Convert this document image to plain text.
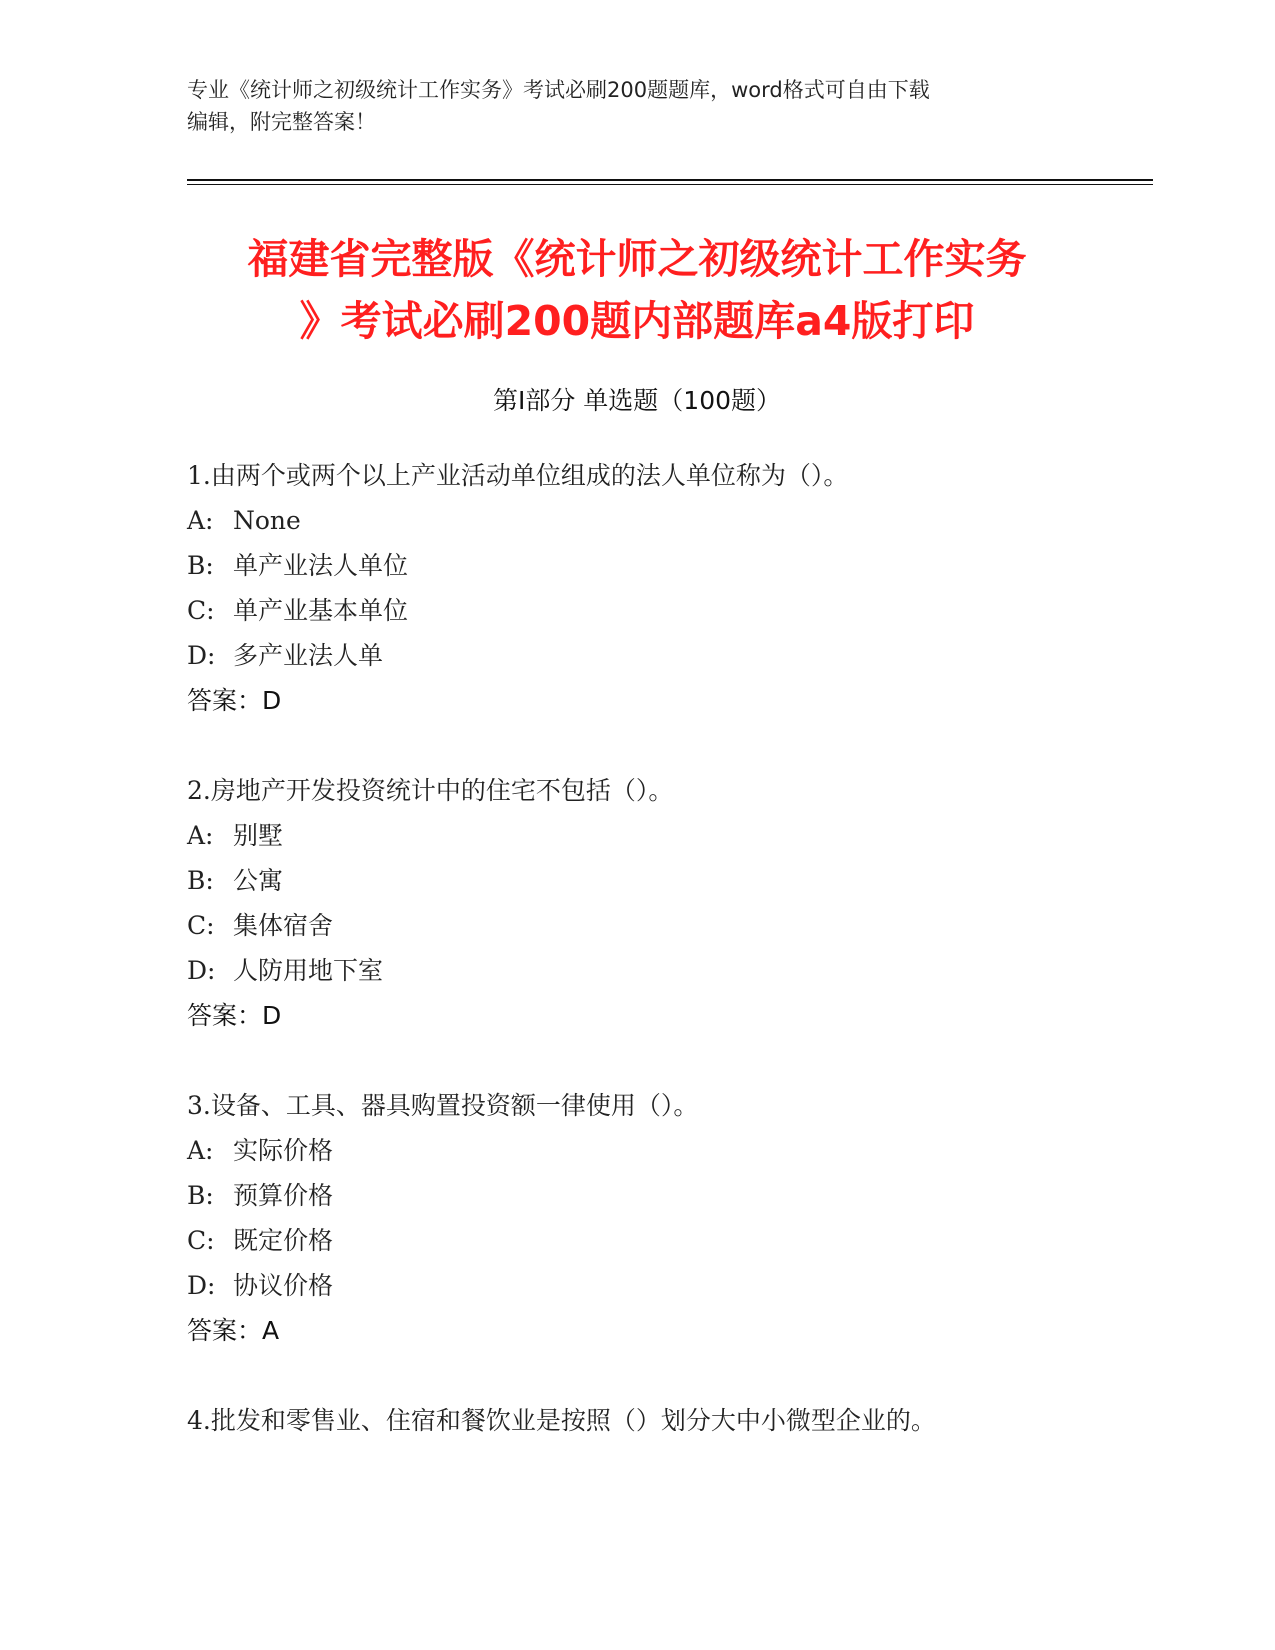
专业《统计师之初级统计工作实务》考试必刷200题题库，word格式可自由下载
编辑，附完整答案！
福建省完整版《统计师之初级统计工作实务
》考试必刷200题内部题库a4版打印
第Ⅰ部分 单选题（100题）
1.由两个或两个以上产业活动单位组成的法人单位称为（）。
A: None
B: 单产业法人单位
C: 单产业基本单位
D: 多产业法人单
答案：D
2.房地产开发投资统计中的住宅不包括（）。
A: 别墅
B: 公寓
C: 集体宿舍
D: 人防用地下室
答案：D
3.设备、工具、器具购置投资额一律使用（）。
A: 实际价格
B: 预算价格
C: 既定价格
D: 协议价格
答案：A
4.批发和零售业、住宿和餐饮业是按照（）划分大中小微型企业的。
